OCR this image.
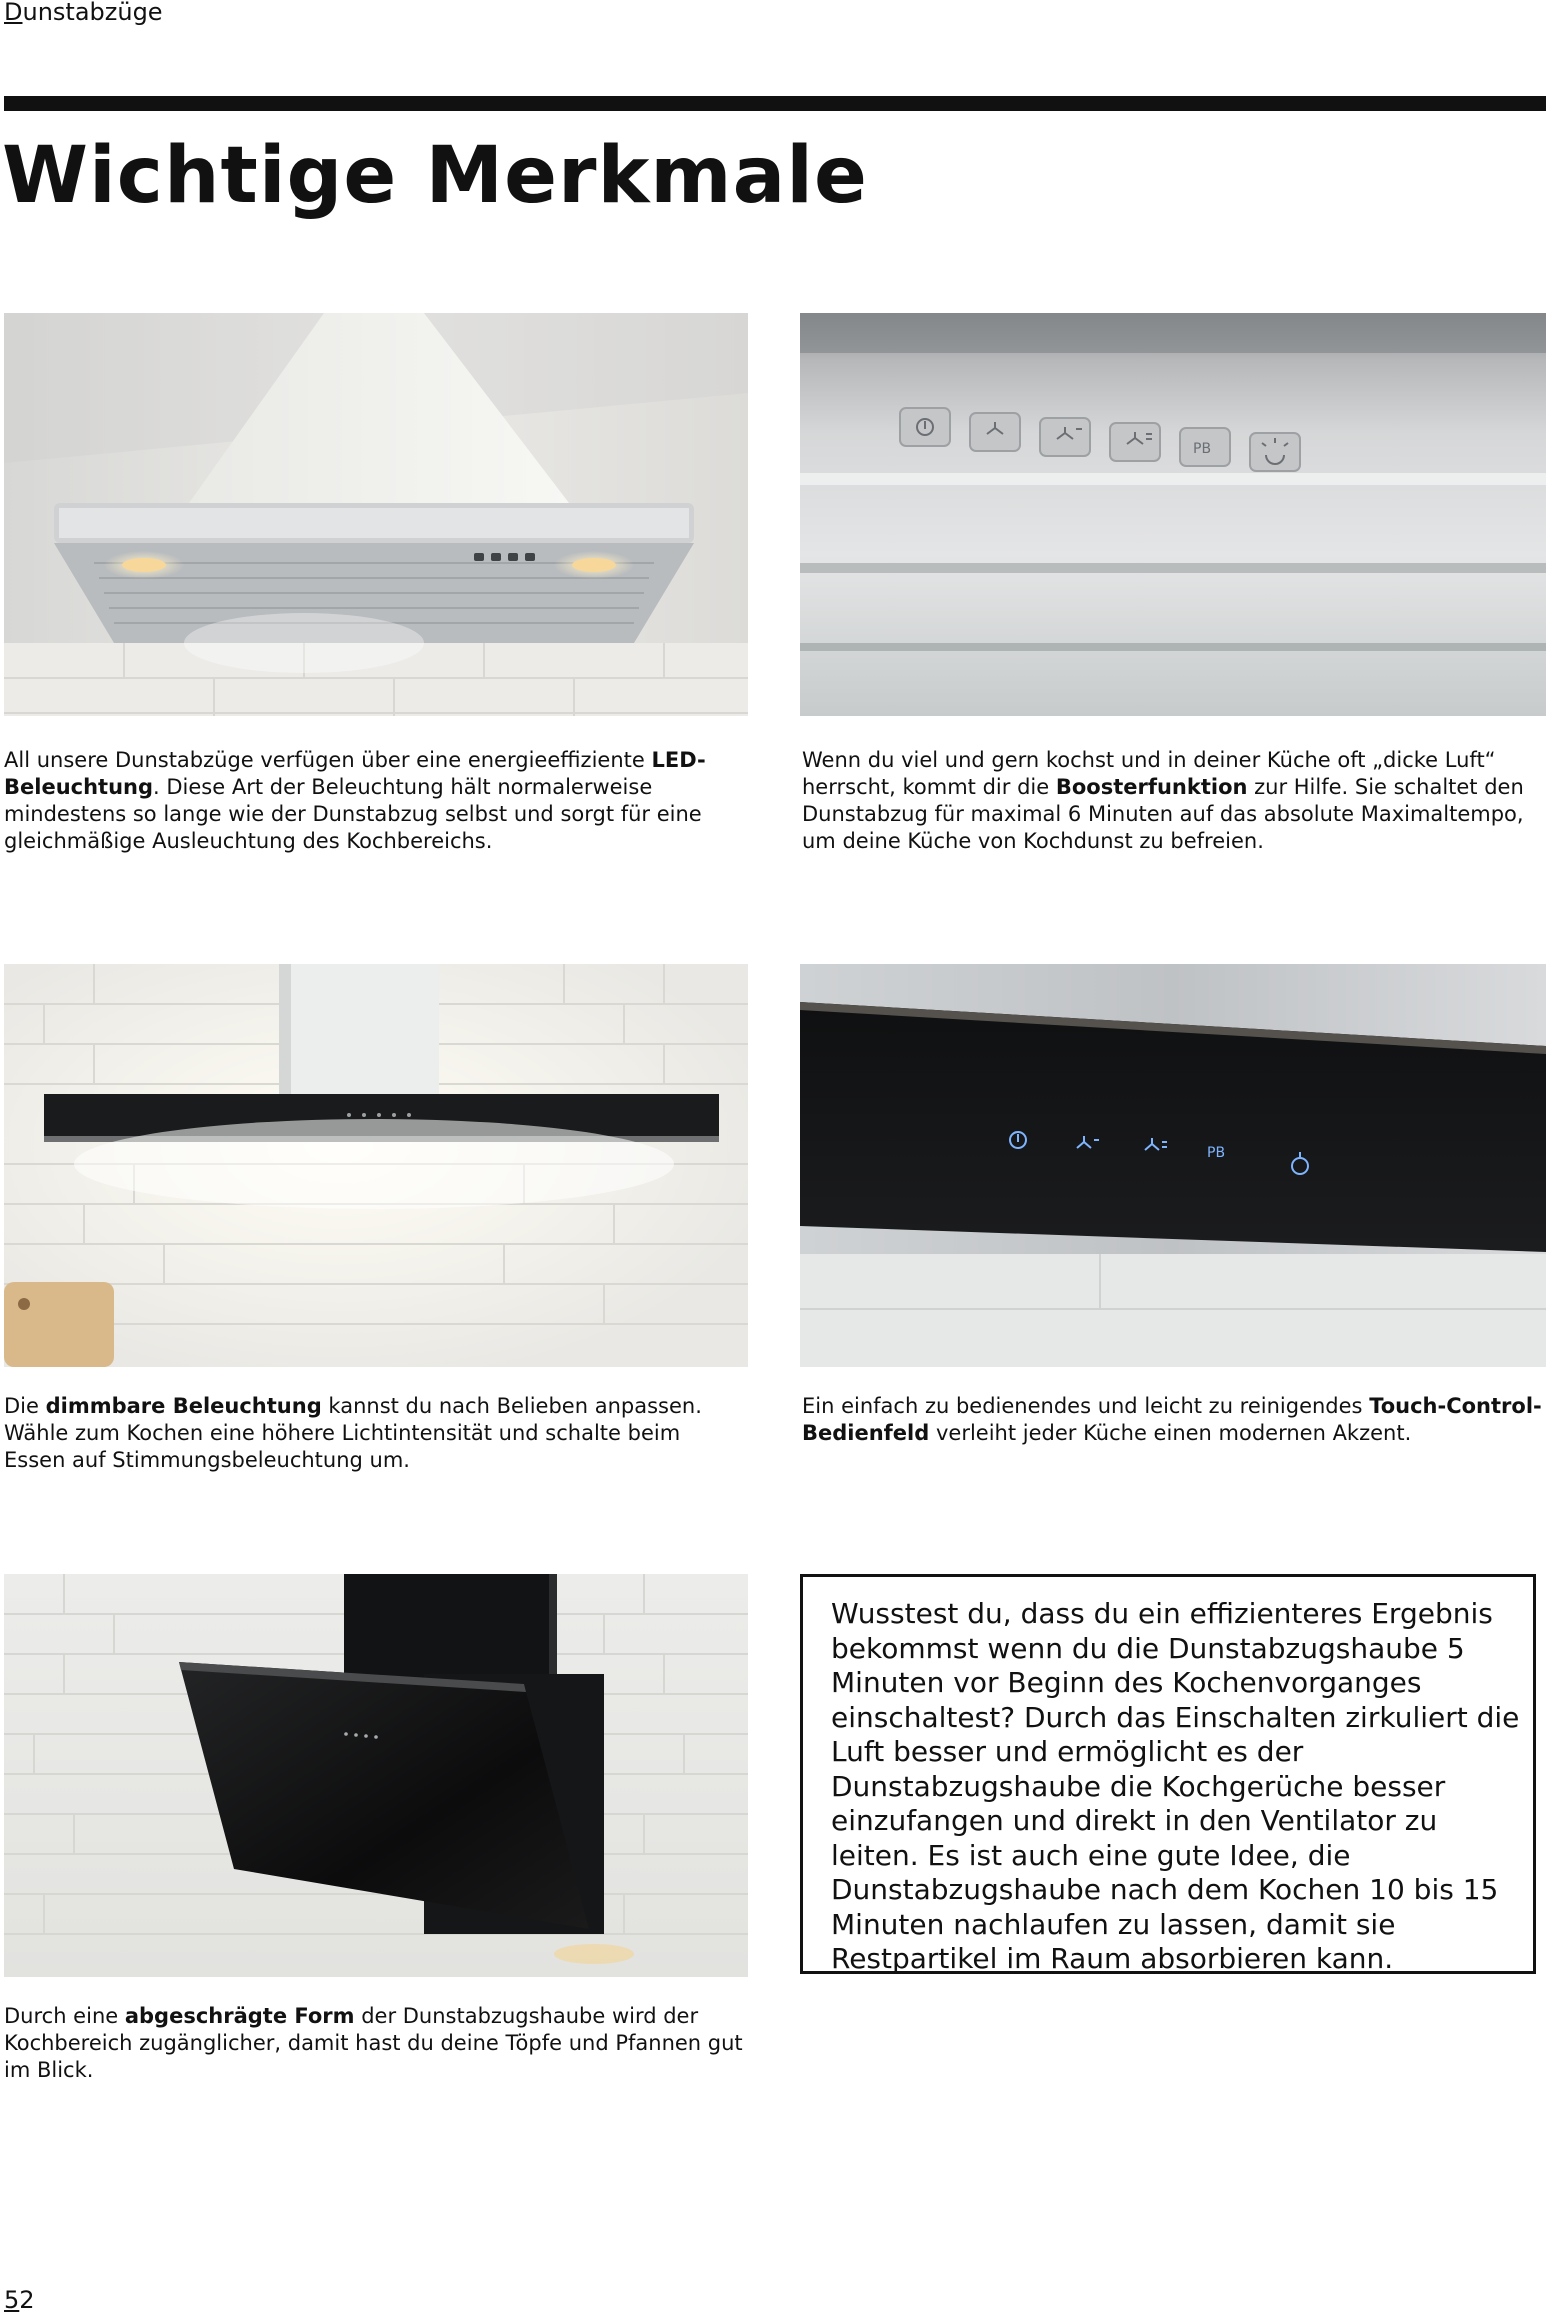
Dunstabzüge
Wichtige Merkmale
PB

All unsere Dunstabzüge verfügen über eine energieeffiziente LED-Beleuchtung. Diese Art der Beleuchtung hält normalerweise mindestens so lange wie der Dunstabzug selbst und sorgt für eine gleichmäßige Ausleuchtung des Kochbereichs.

Wenn du viel und gern kochst und in deiner Küche oft „dicke Luft“ herrscht, kommt dir die Boosterfunktion zur Hilfe. Sie schaltet den Dunstabzug für maximal 6 Minuten auf das absolute Maximaltempo, um deine Küche von Kochdunst zu befreien.

PB

Die dimmbare Beleuchtung kannst du nach Belieben anpassen. Wähle zum Kochen eine höhere Lichtintensität und schalte beim Essen auf Stimmungsbeleuchtung um.

Ein einfach zu bedienendes und leicht zu reinigendes Touch-Control-Bedienfeld verleiht jeder Küche einen modernen Akzent.

Wusstest du, dass du ein effizienteres Ergebnis bekommst wenn du die Dunstabzugshaube 5 Minuten vor Beginn des Kochenvorganges einschaltest? Durch das Einschalten zirkuliert die Luft besser und ermöglicht es der Dunstabzugshaube die Kochgerüche besser einzufangen und direkt in den Ventilator zu leiten. Es ist auch eine gute Idee, die Dunstabzugshaube nach dem Kochen 10 bis 15 Minuten nachlaufen zu lassen, damit sie Restpartikel im Raum absorbieren kann.

Durch eine abgeschrägte Form der Dunstabzugshaube wird der Kochbereich zugänglicher, damit hast du deine Töpfe und Pfannen gut im Blick.

52
